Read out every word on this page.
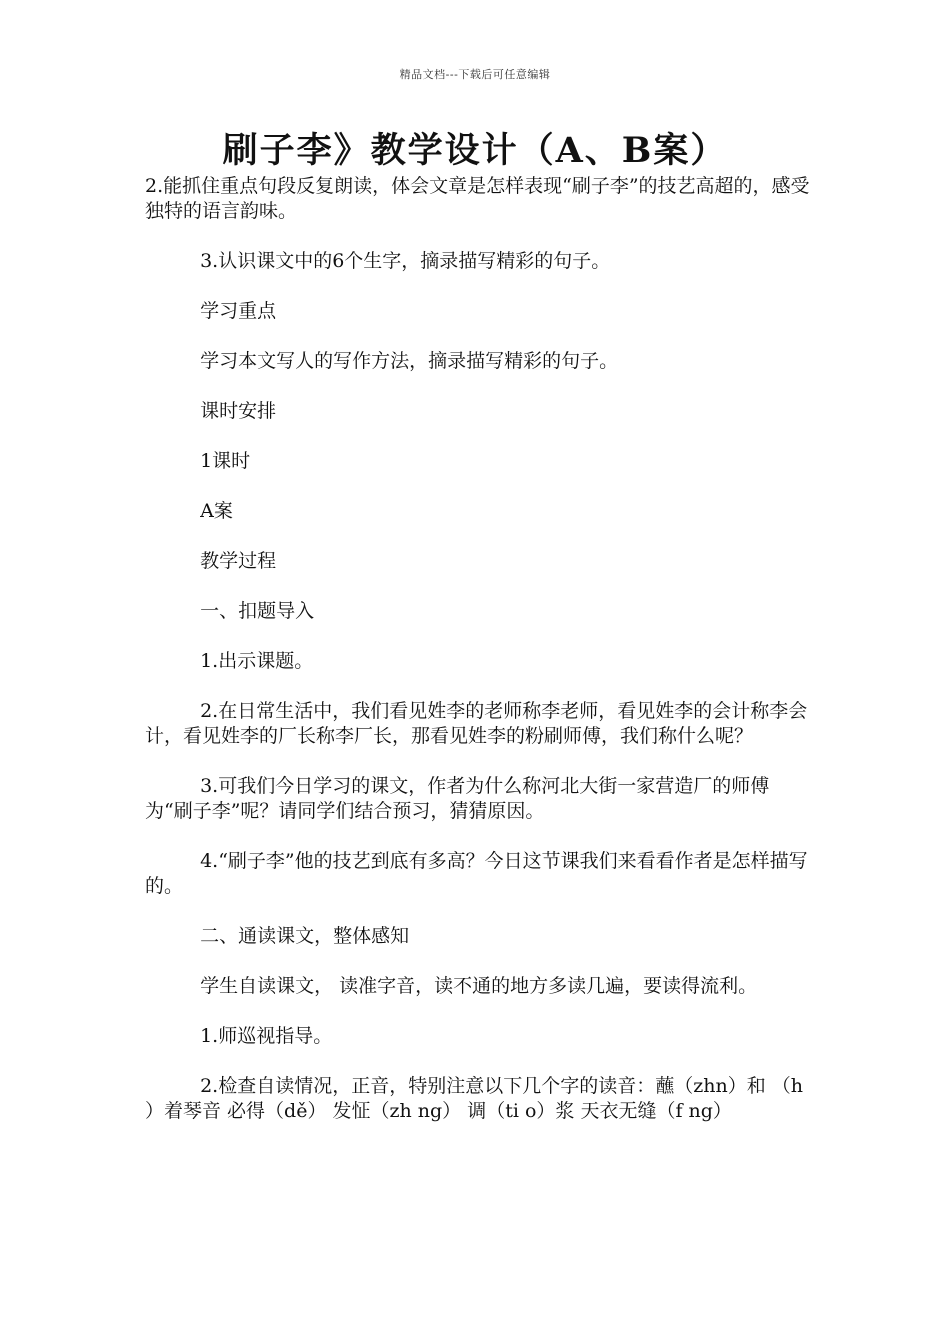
精品文档---下载后可任意编辑
刷子李》教学设计（A、B案）

2.能抓住重点句段反复朗读，体会文章是怎样表现“刷子李”的技艺高超的，感受独特的语言韵味。

3.认识课文中的6个生字，摘录描写精彩的句子。

学习重点

学习本文写人的写作方法，摘录描写精彩的句子。

课时安排

1课时

A案

教学过程

一、扣题导入

1.出示课题。

2.在日常生活中，我们看见姓李的老师称李老师，看见姓李的会计称李会计，看见姓李的厂长称李厂长，那看见姓李的粉刷师傅，我们称什么呢？

3.可我们今日学习的课文，作者为什么称河北大街一家营造厂的师傅为“刷子李”呢？请同学们结合预习，猜猜原因。

4.“刷子李”他的技艺到底有多高？今日这节课我们来看看作者是怎样描写的。

二、通读课文，整体感知

学生自读课文， 读准字音，读不通的地方多读几遍，要读得流利。

1.师巡视指导。

2.检查自读情况，正音，特别注意以下几个字的读音：蘸（zhn）和 （h ）着琴音 必得（dě） 发怔（zh ng） 调（ti o）浆 天衣无缝（f ng）
